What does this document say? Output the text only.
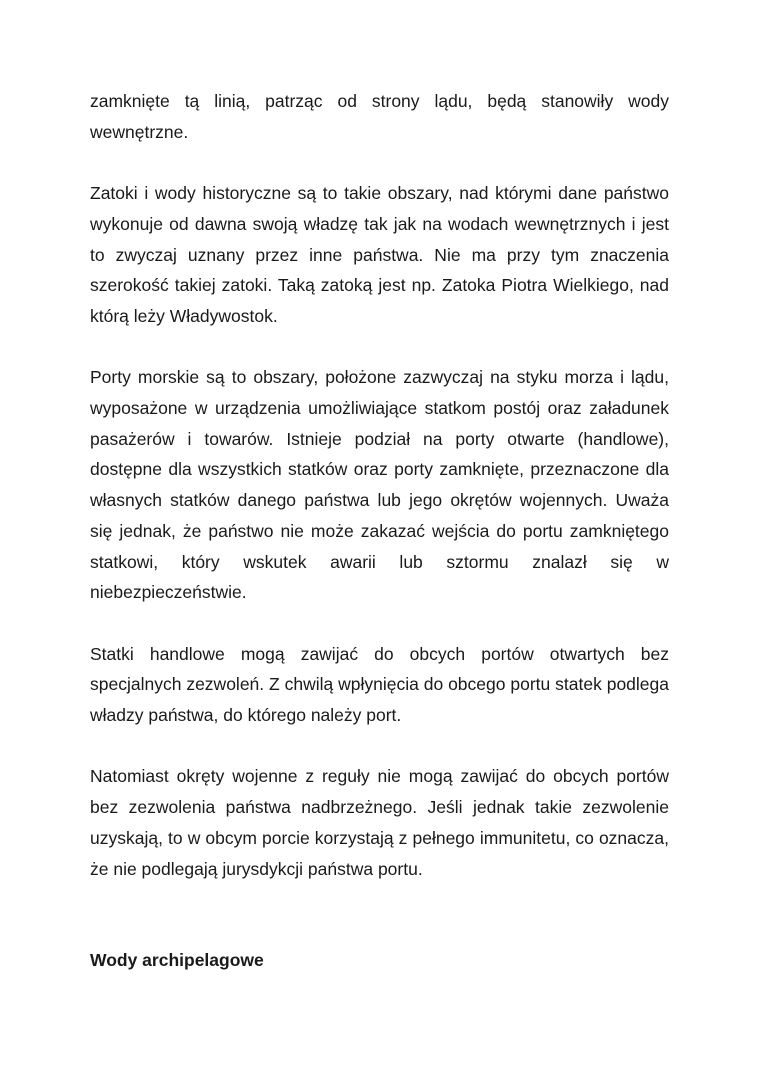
zamknięte tą linią, patrząc od strony lądu, będą stanowiły wody wewnętrzne.

Zatoki i wody historyczne są to takie obszary, nad którymi dane państwo wykonuje od dawna swoją władzę tak jak na wodach wewnętrznych i jest to zwyczaj uznany przez inne państwa. Nie ma przy tym znaczenia szerokość takiej zatoki. Taką zatoką jest np. Zatoka Piotra Wielkiego, nad którą leży Władywostok.

Porty morskie są to obszary, położone zazwyczaj na styku morza i lądu, wyposażone w urządzenia umożliwiające statkom postój oraz załadunek pasażerów i towarów. Istnieje podział na porty otwarte (handlowe), dostępne dla wszystkich statków oraz porty zamknięte, przeznaczone dla własnych statków danego państwa lub jego okrętów wojennych. Uważa się jednak, że państwo nie może zakazać wejścia do portu zamkniętego statkowi, który wskutek awarii lub sztormu znalazł się w niebezpieczeństwie.

Statki handlowe mogą zawijać do obcych portów otwartych bez specjalnych zezwoleń. Z chwilą wpłynięcia do obcego portu statek podlega władzy państwa, do którego należy port.

Natomiast okręty wojenne z reguły nie mogą zawijać do obcych portów bez zezwolenia państwa nadbrzeżnego. Jeśli jednak takie zezwolenie uzyskają, to w obcym porcie korzystają z pełnego immunitetu, co oznacza, że nie podlegają jurysdykcji państwa portu.

Wody archipelagowe
